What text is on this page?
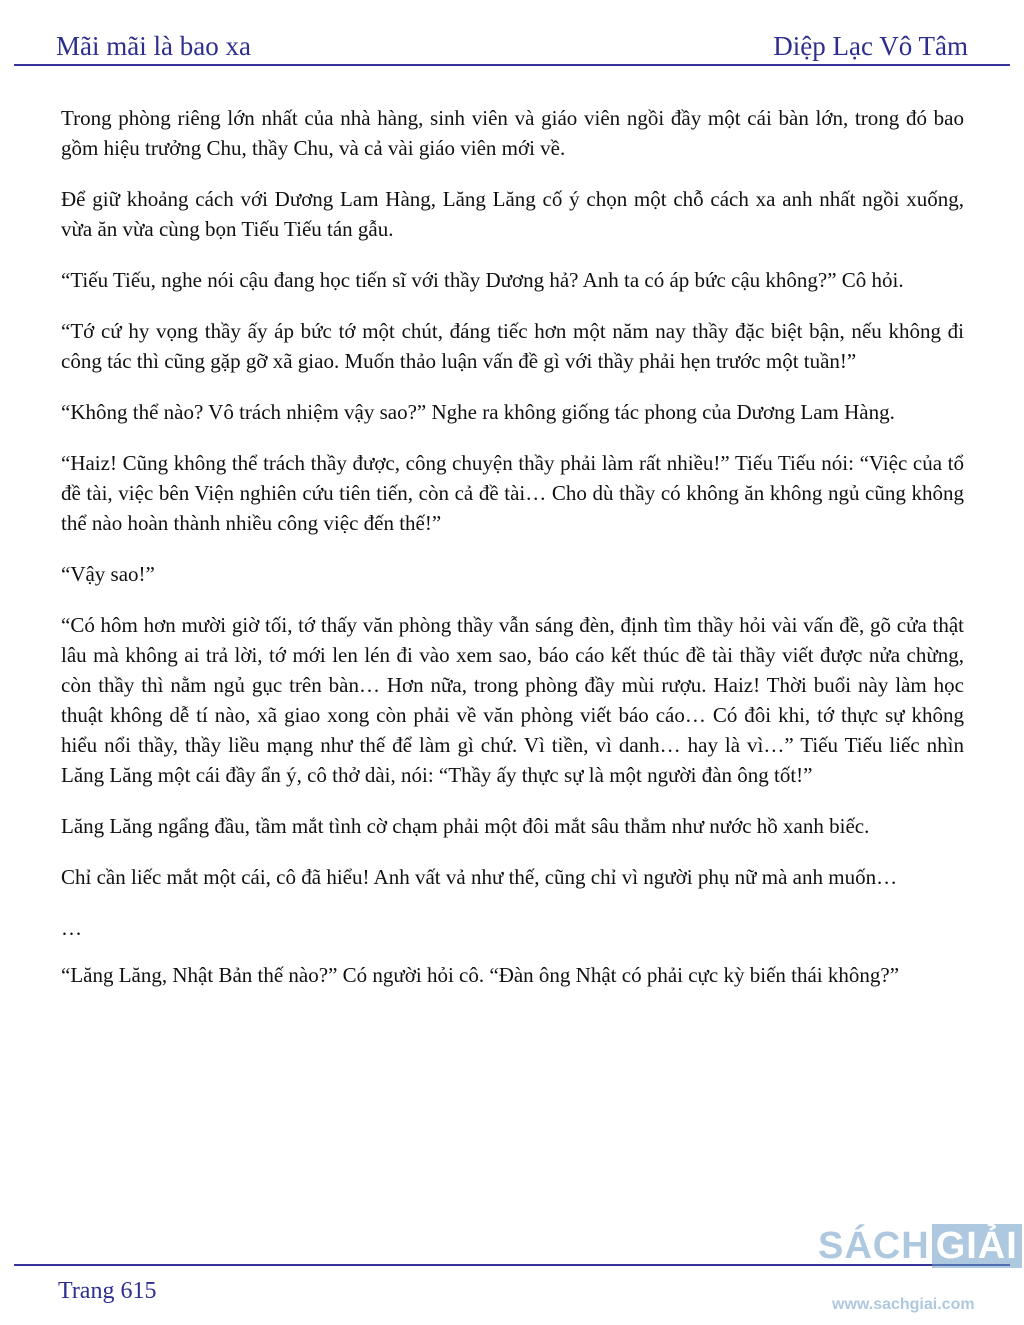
Mãi mãi là bao xa	Diệp Lạc Vô Tâm

Trong phòng riêng lớn nhất của nhà hàng, sinh viên và giáo viên ngồi đầy một cái bàn lớn, trong đó bao gồm hiệu trưởng Chu, thầy Chu, và cả vài giáo viên mới về.

Để giữ khoảng cách với Dương Lam Hàng, Lăng Lăng cố ý chọn một chỗ cách xa anh nhất ngồi xuống, vừa ăn vừa cùng bọn Tiếu Tiếu tán gẫu.

“Tiếu Tiếu, nghe nói cậu đang học tiến sĩ với thầy Dương hả? Anh ta có áp bức cậu không?” Cô hỏi.

“Tớ cứ hy vọng thầy ấy áp bức tớ một chút, đáng tiếc hơn một năm nay thầy đặc biệt bận, nếu không đi công tác thì cũng gặp gỡ xã giao. Muốn thảo luận vấn đề gì với thầy phải hẹn trước một tuần!”

“Không thể nào? Vô trách nhiệm vậy sao?” Nghe ra không giống tác phong của Dương Lam Hàng.

“Haiz! Cũng không thể trách thầy được, công chuyện thầy phải làm rất nhiều!” Tiếu Tiếu nói: “Việc của tổ đề tài, việc bên Viện nghiên cứu tiên tiến, còn cả đề tài… Cho dù thầy có không ăn không ngủ cũng không thể nào hoàn thành nhiều công việc đến thế!”

“Vậy sao!”

“Có hôm hơn mười giờ tối, tớ thấy văn phòng thầy vẫn sáng đèn, định tìm thầy hỏi vài vấn đề, gõ cửa thật lâu mà không ai trả lời, tớ mới len lén đi vào xem sao, báo cáo kết thúc đề tài thầy viết được nửa chừng, còn thầy thì nằm ngủ gục trên bàn… Hơn nữa, trong phòng đầy mùi rượu. Haiz! Thời buổi này làm học thuật không dễ tí nào, xã giao xong còn phải về văn phòng viết báo cáo… Có đôi khi, tớ thực sự không hiểu nổi thầy, thầy liều mạng như thế để làm gì chứ. Vì tiền, vì danh… hay là vì…” Tiếu Tiếu liếc nhìn Lăng Lăng một cái đầy ẩn ý, cô thở dài, nói: “Thầy ấy thực sự là một người đàn ông tốt!”

Lăng Lăng ngẩng đầu, tầm mắt tình cờ chạm phải một đôi mắt sâu thẳm như nước hồ xanh biếc.

Chỉ cần liếc mắt một cái, cô đã hiểu! Anh vất vả như thế, cũng chỉ vì người phụ nữ mà anh muốn…

…

“Lăng Lăng, Nhật Bản thế nào?” Có người hỏi cô. “Đàn ông Nhật có phải cực kỳ biến thái không?”

Trang 615
SÁCH GIẢI
www.sachgiai.com
